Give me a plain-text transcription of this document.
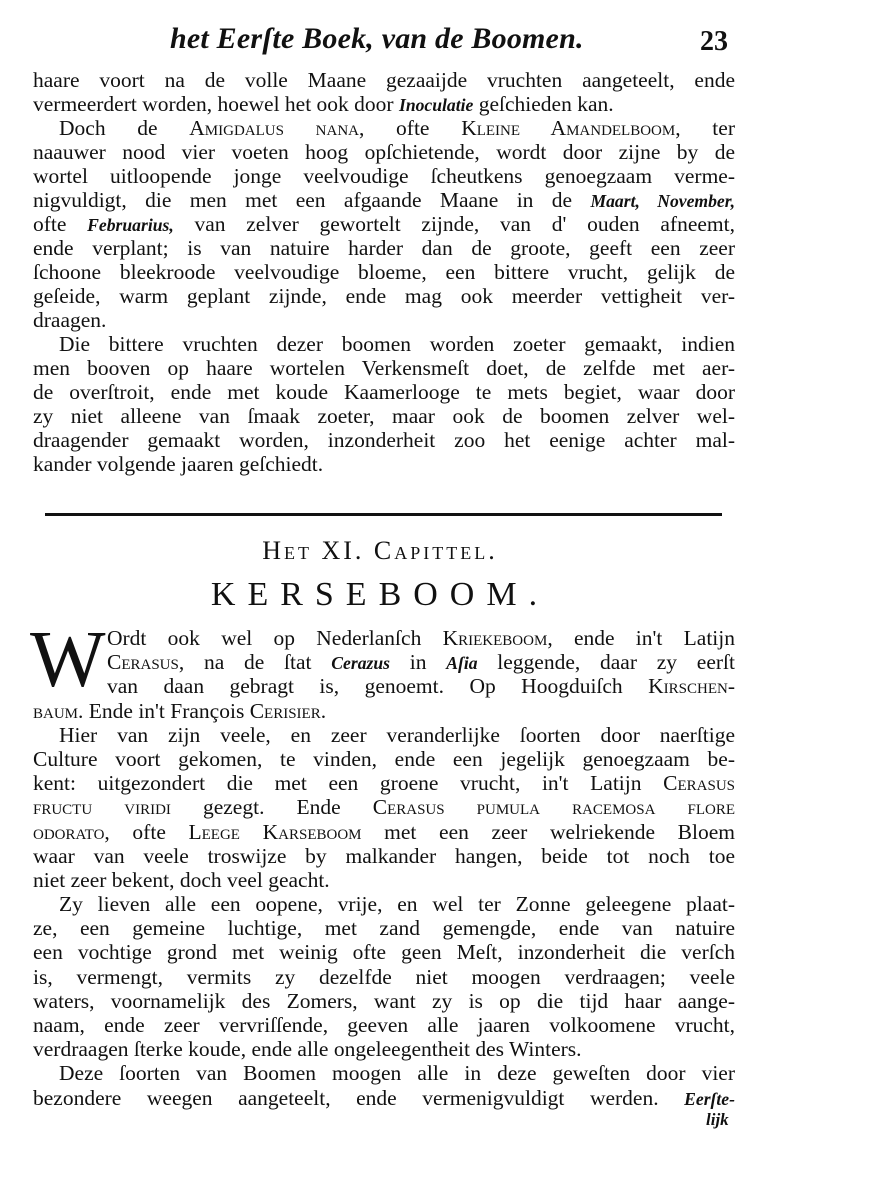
het Eerſte Boek, van de Boomen.	23
haare voort na de volle Maane gezaaijde vruchten aangeteelt, ende
vermeerdert worden, hoewel het ook door Inoculatie geſchieden kan.
Doch de Amigdalus nana, ofte Kleine Amandelboom, ter
naauwer nood vier voeten hoog opſchietende, wordt door zijne by de
wortel uitloopende jonge veelvoudige ſcheutkens genoegzaam verme-
nigvuldigt, die men met een afgaande Maane in de Maart, November,
ofte Februarius, van zelver gewortelt zijnde, van d' ouden afneemt,
ende verplant; is van natuire harder dan de groote, geeft een zeer
ſchoone bleekroode veelvoudige bloeme, een bittere vrucht, gelijk de
geſeide, warm geplant zijnde, ende mag ook meerder vettigheit ver-
draagen.
Die bittere vruchten dezer boomen worden zoeter gemaakt, indien
men booven op haare wortelen Verkensmeſt doet, de zelfde met aer-
de overſtroit, ende met koude Kaamerlooge te mets begiet, waar door
zy niet alleene van ſmaak zoeter, maar ook de boomen zelver wel-
draagender gemaakt worden, inzonderheit zoo het eenige achter mal-
kander volgende jaaren geſchiedt.
Het XI. Capittel.
KERSEBOOM.
W Ordt ook wel op Nederlanſch Kriekeboom, ende in't Latijn
Cerasus, na de ſtat Cerazus in Aſia leggende, daar zy eerſt
van daan gebragt is, genoemt. Op Hoogduiſch Kirschen-
baum. Ende in't François Cerisier.
Hier van zijn veele, en zeer veranderlijke ſoorten door naerſtige
Culture voort gekomen, te vinden, ende een jegelijk genoegzaam be-
kent: uitgezondert die met een groene vrucht, in't Latijn Cerasus
fructu viridi gezegt. Ende Cerasus pumula racemosa flore
odorato, ofte Leege Karseboom met een zeer welriekende Bloem
waar van veele troswijze by malkander hangen, beide tot noch toe
niet zeer bekent, doch veel geacht.
Zy lieven alle een oopene, vrije, en wel ter Zonne geleegene plaat-
ze, een gemeine luchtige, met zand gemengde, ende van natuire
een vochtige grond met weinig ofte geen Meſt, inzonderheit die verſch
is, vermengt, vermits zy dezelfde niet moogen verdraagen; veele
waters, voornamelijk des Zomers, want zy is op die tijd haar aange-
naam, ende zeer vervriſſende, geeven alle jaaren volkoomene vrucht,
verdraagen ſterke koude, ende alle ongeleegentheit des Winters.
Deze ſoorten van Boomen moogen alle in deze geweſten door vier
bezondere weegen aangeteelt, ende vermenigvuldigt werden. Eerſte-
lijk
